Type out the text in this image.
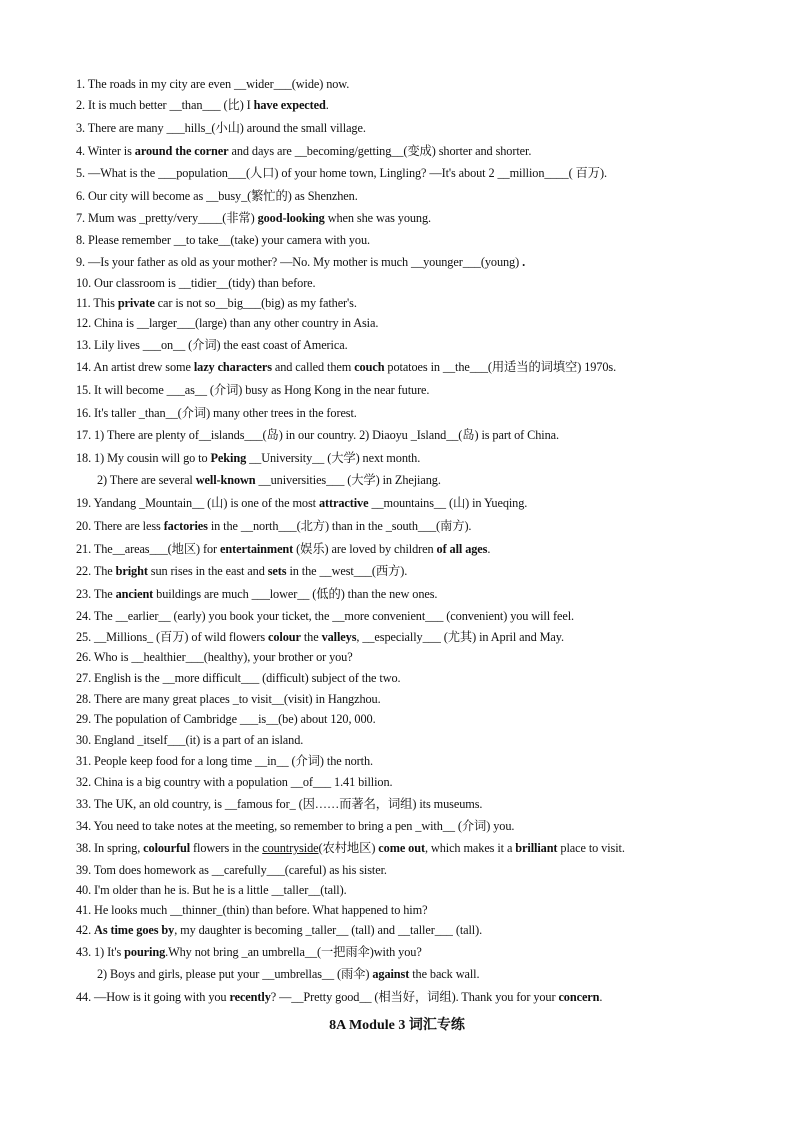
1. The roads in my city are even __wider___(wide) now.
2. It is much better __than___ (比) I have expected.
3. There are many ___hills_(小山) around the small village.
4. Winter is around the corner and days are __becoming/getting__(变成) shorter and shorter.
5. —What is the ___population___(人口) of your home town, Lingling? —It's about 2 __million____( 百万).
6. Our city will become as __busy_(繁忙的) as Shenzhen.
7. Mum was _pretty/very____(非常) good-looking when she was young.
8. Please remember __to take__(take) your camera with you.
9. —Is your father as old as your mother? —No. My mother is much __younger___(young) .
10. Our classroom is __tidier__(tidy) than before.
11. This private car is not so__big___(big) as my father's.
12. China is __larger___(large) than any other country in Asia.
13. Lily lives ___on__ (介词) the east coast of America.
14. An artist drew some lazy characters and called them couch potatoes in __the___(用适当的词填空) 1970s.
15. It will become ___as__ (介词) busy as Hong Kong in the near future.
16. It's taller _than__(介词) many other trees in the forest.
17. 1) There are plenty of__islands___(岛) in our country. 2) Diaoyu _Island__(岛) is part of China.
18. 1) My cousin will go to Peking __University__ (大学) next month.
2) There are several well-known __universities___ (大学) in Zhejiang.
19. Yandang _Mountain__ (山) is one of the most attractive __mountains__ (山) in Yueqing.
20. There are less factories in the __north___(北方) than in the _south___(南方).
21. The__areas___(地区) for entertainment (娱乐) are loved by children of all ages.
22. The bright sun rises in the east and sets in the __west___(西方).
23. The ancient buildings are much ___lower__ (低的) than the new ones.
24. The __earlier__ (early) you book your ticket, the __more convenient___ (convenient) you will feel.
25. __Millions_ (百万) of wild flowers colour the valleys, __especially___ (尤其) in April and May.
26. Who is __healthier___(healthy), your brother or you?
27. English is the __more difficult___ (difficult) subject of the two.
28. There are many great places _to visit__(visit) in Hangzhou.
29. The population of Cambridge ___is__(be) about 120, 000.
30. England _itself___(it) is a part of an island.
31. People keep food for a long time __in__ (介词) the north.
32. China is a big country with a population __of___ 1.41 billion.
33. The UK, an old country, is __famous for_ (因……而著名，词组) its museums.
34. You need to take notes at the meeting, so remember to bring a pen _with__ (介词) you.
38. In spring, colourful flowers in the countryside(农村地区) come out, which makes it a brilliant place to visit.
39. Tom does homework as __carefully___(careful) as his sister.
40. I'm older than he is. But he is a little __taller__(tall).
41. He looks much __thinner_(thin) than before. What happened to him?
42. As time goes by, my daughter is becoming _taller__ (tall) and __taller___ (tall).
43. 1) It's pouring.Why not bring _an umbrella__(一把雨伞)with you?
2) Boys and girls, please put your __umbrellas__ (雨伞) against the back wall.
44. —How is it going with you recently? —__Pretty good__ (相当好，词组). Thank you for your concern.
8A Module 3 词汇专练
